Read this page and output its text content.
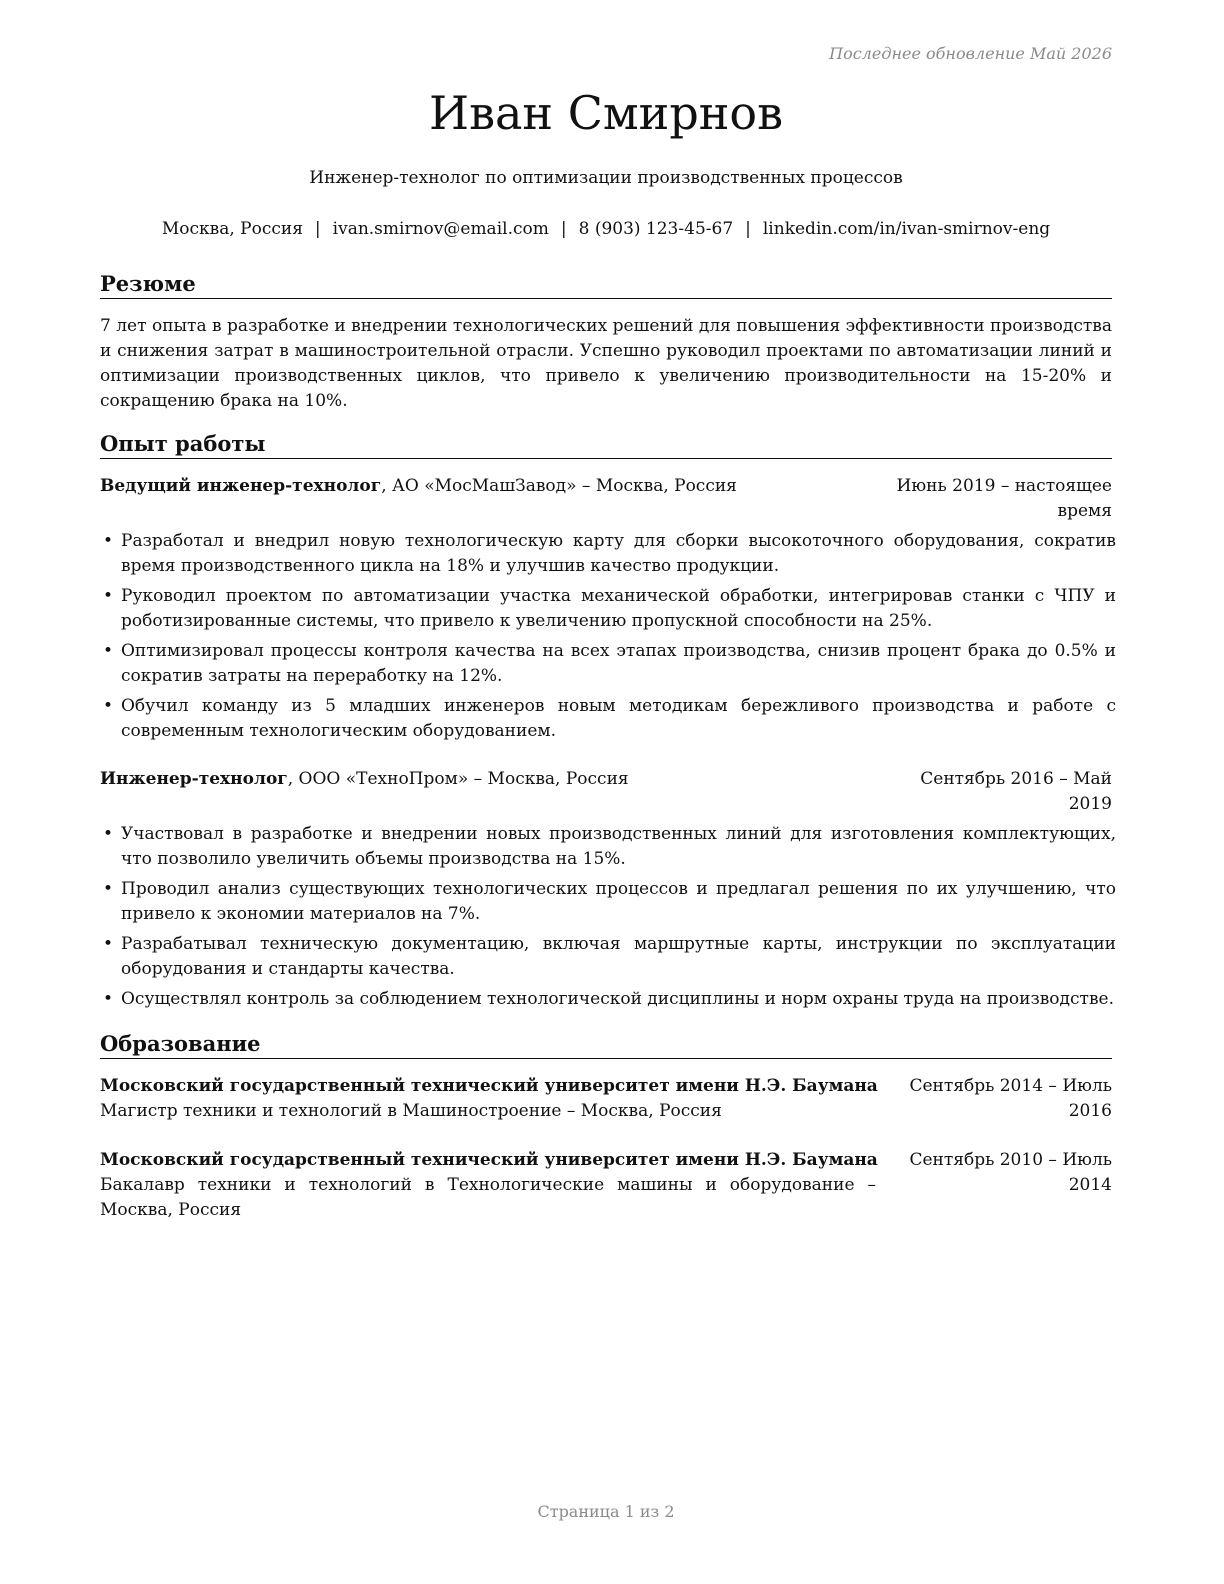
Последнее обновление Май 2026
Иван Смирнов
Инженер-технолог по оптимизации производственных процессов
Москва, Россия | ivan.smirnov@email.com | 8 (903) 123-45-67 | linkedin.com/in/ivan-smirnov-eng
Резюме

7 лет опыта в разработке и внедрении технологических решений для повышения эффективности производства и снижения затрат в машиностроительной отрасли. Успешно руководил проектами по автоматизации линий и оптимизации производственных циклов, что привело к увеличению производительности на 15-20% и сокращению брака на 10%.

Опыт работы
Ведущий инженер-технолог, АО «МосМашЗавод» – Москва, Россия	Июнь 2019 – настоящее время
• Разработал и внедрил новую технологическую карту для сборки высокоточного оборудования, сократив время производственного цикла на 18% и улучшив качество продукции.
• Руководил проектом по автоматизации участка механической обработки, интегрировав станки с ЧПУ и роботизированные системы, что привело к увеличению пропускной способности на 25%.
• Оптимизировал процессы контроля качества на всех этапах производства, снизив процент брака до 0.5% и сократив затраты на переработку на 12%.
• Обучил команду из 5 младших инженеров новым методикам бережливого производства и работе с современным технологическим оборудованием.
Инженер-технолог, ООО «ТехноПром» – Москва, Россия	Сентябрь 2016 – Май 2019
• Участвовал в разработке и внедрении новых производственных линий для изготовления комплектующих, что позволило увеличить объемы производства на 15%.
• Проводил анализ существующих технологических процессов и предлагал решения по их улучшению, что привело к экономии материалов на 7%.
• Разрабатывал техническую документацию, включая маршрутные карты, инструкции по эксплуатации оборудования и стандарты качества.
• Осуществлял контроль за соблюдением технологической дисциплины и норм охраны труда на производстве.
Образование
Московский государственный технический университет имени Н.Э. Баумана
Магистр техники и технологий в Машиностроение – Москва, Россия
Сентябрь 2014 – Июль 2016
Московский государственный технический университет имени Н.Э. Баумана
Бакалавр техники и технологий в Технологические машины и оборудование – Москва, Россия
Сентябрь 2010 – Июль 2014
Страница 1 из 2
